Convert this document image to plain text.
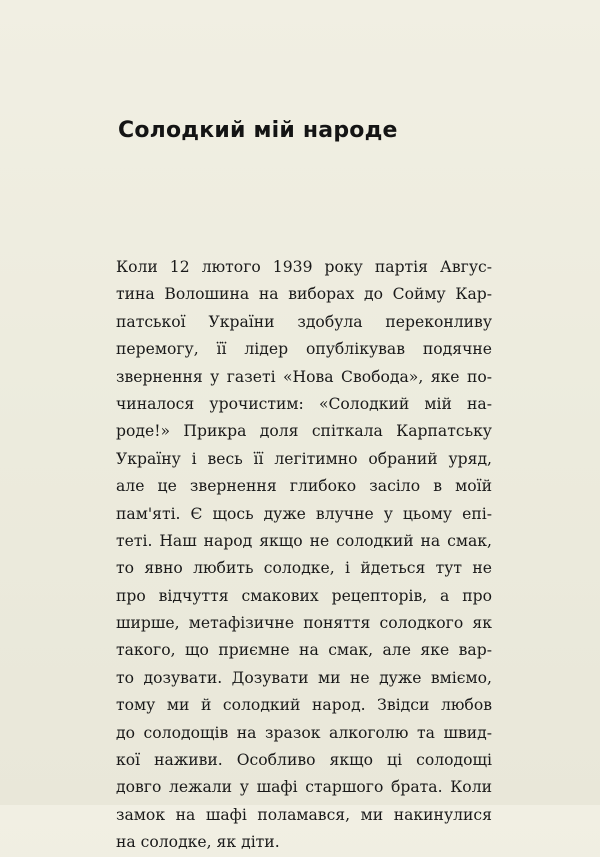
Солодкий мій народе
Коли 12 лютого 1939 року партія Авгус-
тина Волошина на виборах до Сойму Кар-
патської України здобула переконливу
перемогу, її лідер опублікував подячне
звернення у газеті «Нова Свобода», яке по-
чиналося урочистим: «Солодкий мій на-
роде!» Прикра доля спіткала Карпатську
Україну і весь її легітимно обраний уряд,
але це звернення глибоко засіло в моїй
пам'яті. Є щось дуже влучне у цьому епі-
теті. Наш народ якщо не солодкий на смак,
то явно любить солодке, і йдеться тут не
про відчуття смакових рецепторів, а про
ширше, метафізичне поняття солодкого як
такого, що приємне на смак, але яке вар-
то дозувати. Дозувати ми не дуже вміємо,
тому ми й солодкий народ. Звідси любов
до солодощів на зразок алкоголю та швид-
кої наживи. Особливо якщо ці солодощі
довго лежали у шафі старшого брата. Коли
замок на шафі поламався, ми накинулися
на солодке, як діти.
